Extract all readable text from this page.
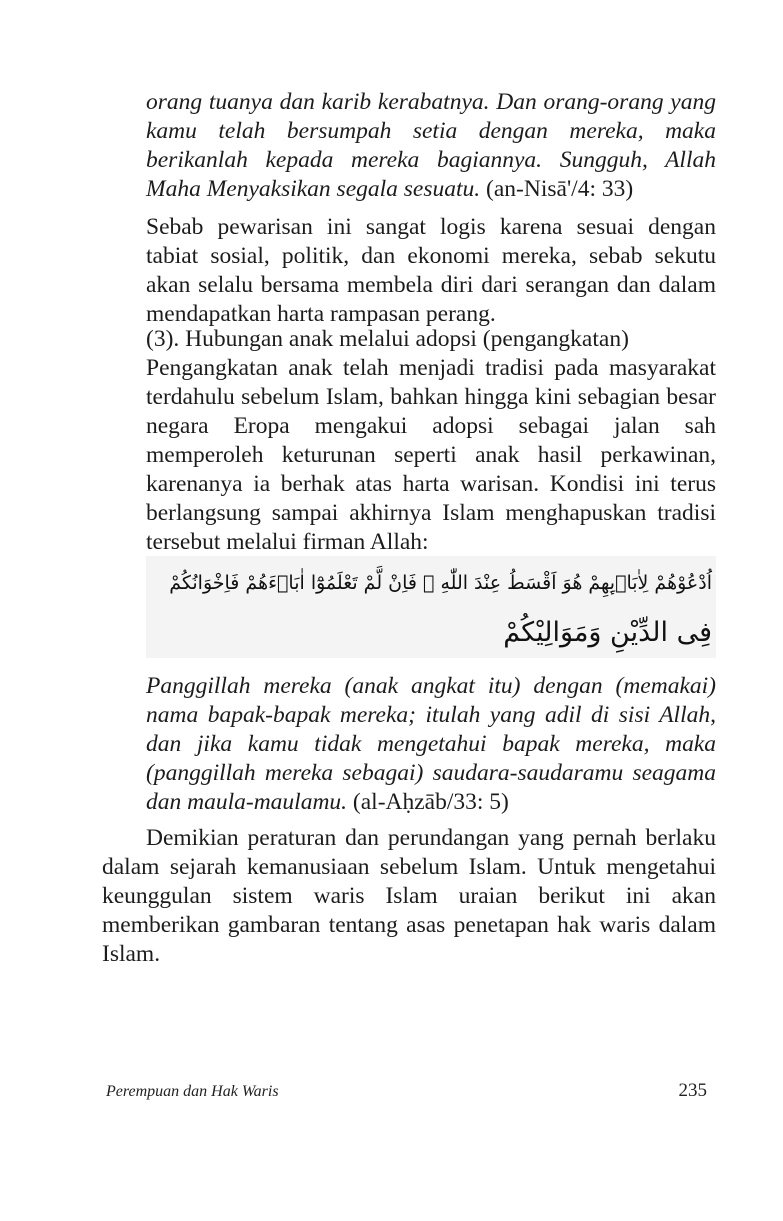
orang tuanya dan karib kerabatnya. Dan orang-orang yang kamu telah bersumpah setia dengan mereka, maka berikanlah kepada mereka bagiannya. Sungguh, Allah Maha Menyaksikan segala sesuatu. (an-Nisā'/4: 33)

Sebab pewarisan ini sangat logis karena sesuai dengan tabiat sosial, politik, dan ekonomi mereka, sebab sekutu akan selalu bersama membela diri dari serangan dan dalam mendapatkan harta rampasan perang.

(3). Hubungan anak melalui adopsi (pengangkatan)

Pengangkatan anak telah menjadi tradisi pada masyarakat terdahulu sebelum Islam, bahkan hingga kini sebagian besar negara Eropa mengakui adopsi sebagai jalan sah memperoleh keturunan seperti anak hasil perkawinan, karenanya ia berhak atas harta warisan. Kondisi ini terus berlangsung sampai akhirnya Islam menghapuskan tradisi tersebut melalui firman Allah:

اُدْعُوْهُمْ لِاٰبَاۤىِٕهِمْ هُوَ اَقْسَطُ عِنْدَ اللّٰهِ ۚ فَاِنْ لَّمْ تَعْلَمُوْٓا اٰبَاۤءَهُمْ فَاِخْوَانُكُمْ
فِى الدِّيْنِ وَمَوَالِيْكُمْ

Panggillah mereka (anak angkat itu) dengan (memakai) nama bapak-bapak mereka; itulah yang adil di sisi Allah, dan jika kamu tidak mengetahui bapak mereka, maka (panggillah mereka sebagai) saudara-saudaramu seagama dan maula-maulamu. (al-Aḥzāb/33: 5)

Demikian peraturan dan perundangan yang pernah berlaku dalam sejarah kemanusiaan sebelum Islam. Untuk mengetahui keunggulan sistem waris Islam uraian berikut ini akan memberikan gambaran tentang asas penetapan hak waris dalam Islam.

Perempuan dan Hak Waris	235
